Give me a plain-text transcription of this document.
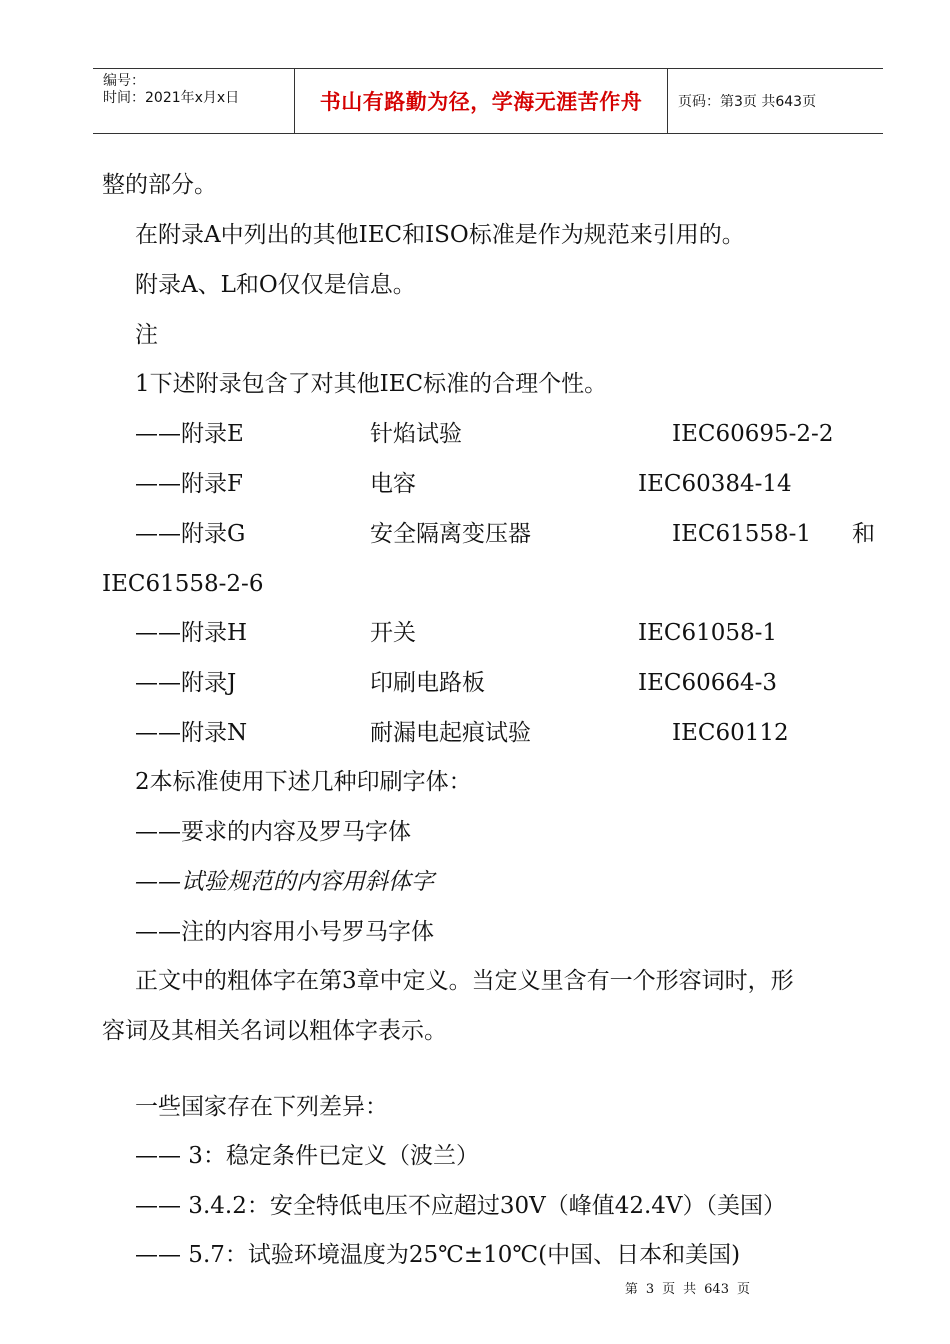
编号：
时间：2021年x月x日	书山有路勤为径，学海无涯苦作舟	页码：第3页 共643页
整的部分。
在附录A中列出的其他IEC和ISO标准是作为规范来引用的。
附录A、L和O仅仅是信息。
注
1下述附录包含了对其他IEC标准的合理个性。
——附录E	针焰试验	IEC60695-2-2
——附录F	电容	IEC60384-14
——附录G	安全隔离变压器	IEC61558-1 和
IEC61558-2-6
——附录H	开关	IEC61058-1
——附录J	印刷电路板	IEC60664-3
——附录N	耐漏电起痕试验	IEC60112
2本标准使用下述几种印刷字体：
——要求的内容及罗马字体
——试验规范的内容用斜体字
——注的内容用小号罗马字体
正文中的粗体字在第3章中定义。当定义里含有一个形容词时，形
容词及其相关名词以粗体字表示。
一些国家存在下列差异：
—— 3：稳定条件已定义（波兰）
—— 3.4.2：安全特低电压不应超过30V（峰值42.4V）（美国）
—— 5.7：试验环境温度为25℃±10℃(中国、日本和美国)
第 3 页 共 643 页
